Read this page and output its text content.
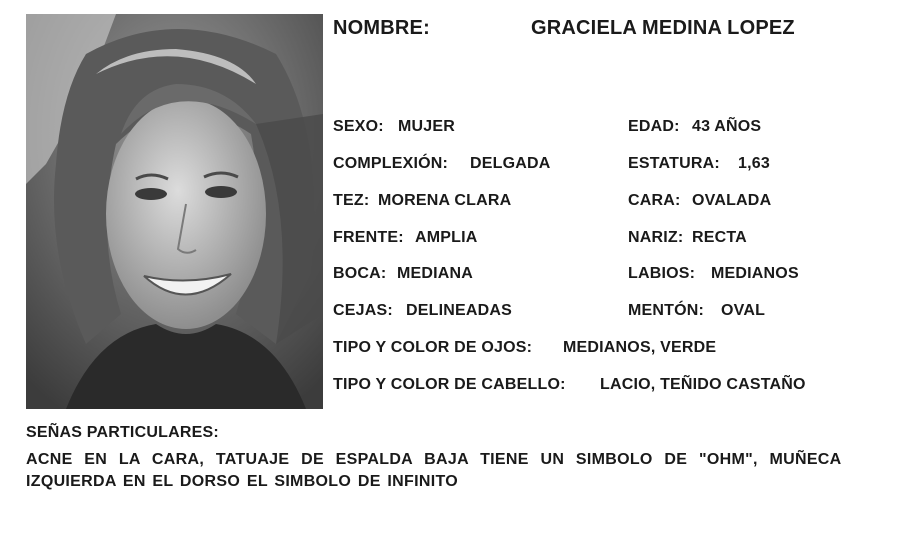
NOMBRE:	GRACIELA MEDINA LOPEZ
SEXO: MUJER	EDAD: 43 AÑOS
COMPLEXIÓN: DELGADA	ESTATURA: 1,63
TEZ: MORENA CLARA	CARA: OVALADA
FRENTE: AMPLIA	NARIZ: RECTA
BOCA: MEDIANA	LABIOS: MEDIANOS
CEJAS: DELINEADAS	MENTÓN: OVAL
TIPO Y COLOR DE OJOS: MEDIANOS, VERDE
TIPO Y COLOR DE CABELLO: LACIO, TEÑIDO CASTAÑO
SEÑAS PARTICULARES:
ACNE EN LA CARA, TATUAJE DE ESPALDA BAJA TIENE UN SIMBOLO DE "OHM", MUÑECA
IZQUIERDA EN EL DORSO EL SIMBOLO DE INFINITO
